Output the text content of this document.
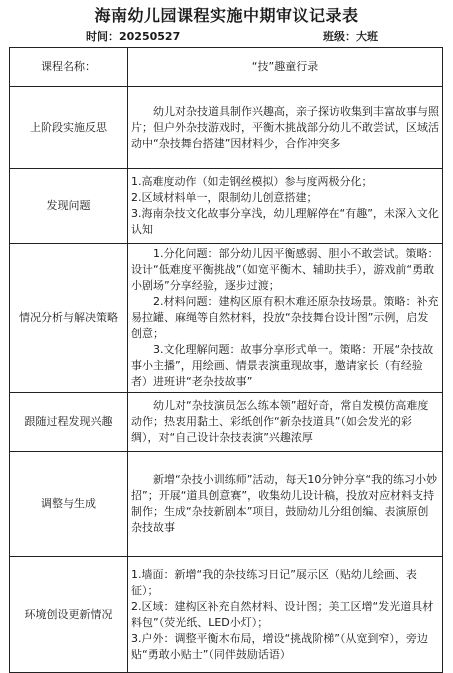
海南幼儿园课程实施中期审议记录表
时间：20250527	班级：大班
课程名称：	“技”趣童行录

上阶段实施反思	幼儿对杂技道具制作兴趣高，亲子探访收集到丰富故事与照片；但户外杂技游戏时，平衡木挑战部分幼儿不敢尝试，区域活动中“杂技舞台搭建”因材料少，合作冲突多

发现问题	1.高难度动作（如走钢丝模拟）参与度两极分化；
2.区域材料单一，限制幼儿创意搭建；
3.海南杂技文化故事分享浅，幼儿理解停在“有趣”，未深入文化认知

情况分析与解决策略	1.分化问题：部分幼儿因平衡感弱、胆小不敢尝试。策略：设计“低难度平衡挑战”（如宽平衡木、辅助扶手），游戏前“勇敢小剧场”分享经验，逐步过渡；
2.材料问题：建构区原有积木难还原杂技场景。策略：补充易拉罐、麻绳等自然材料，投放“杂技舞台设计图”示例，启发创意；
3.文化理解问题：故事分享形式单一。策略：开展“杂技故事小主播”，用绘画、情景表演重现故事，邀请家长（有经验者）进班讲“老杂技故事”

跟随过程发现兴趣	幼儿对“杂技演员怎么练本领”超好奇，常自发模仿高难度动作；热衷用黏土、彩纸创作“新杂技道具”（如会发光的彩绸），对“自己设计杂技表演”兴趣浓厚

调整与生成	新增“杂技小训练师”活动，每天10分钟分享“我的练习小妙招”；开展“道具创意赛”，收集幼儿设计稿，投放对应材料支持制作；生成“杂技新剧本”项目，鼓励幼儿分组创编、表演原创杂技故事

环境创设更新情况	1.墙面：新增“我的杂技练习日记”展示区（贴幼儿绘画、表征）；
2.区域：建构区补充自然材料、设计图；美工区增“发光道具材料包”（荧光纸、LED小灯）；
3.户外：调整平衡木布局，增设“挑战阶梯”（从宽到窄），旁边贴“勇敢小贴士”（同伴鼓励话语）
